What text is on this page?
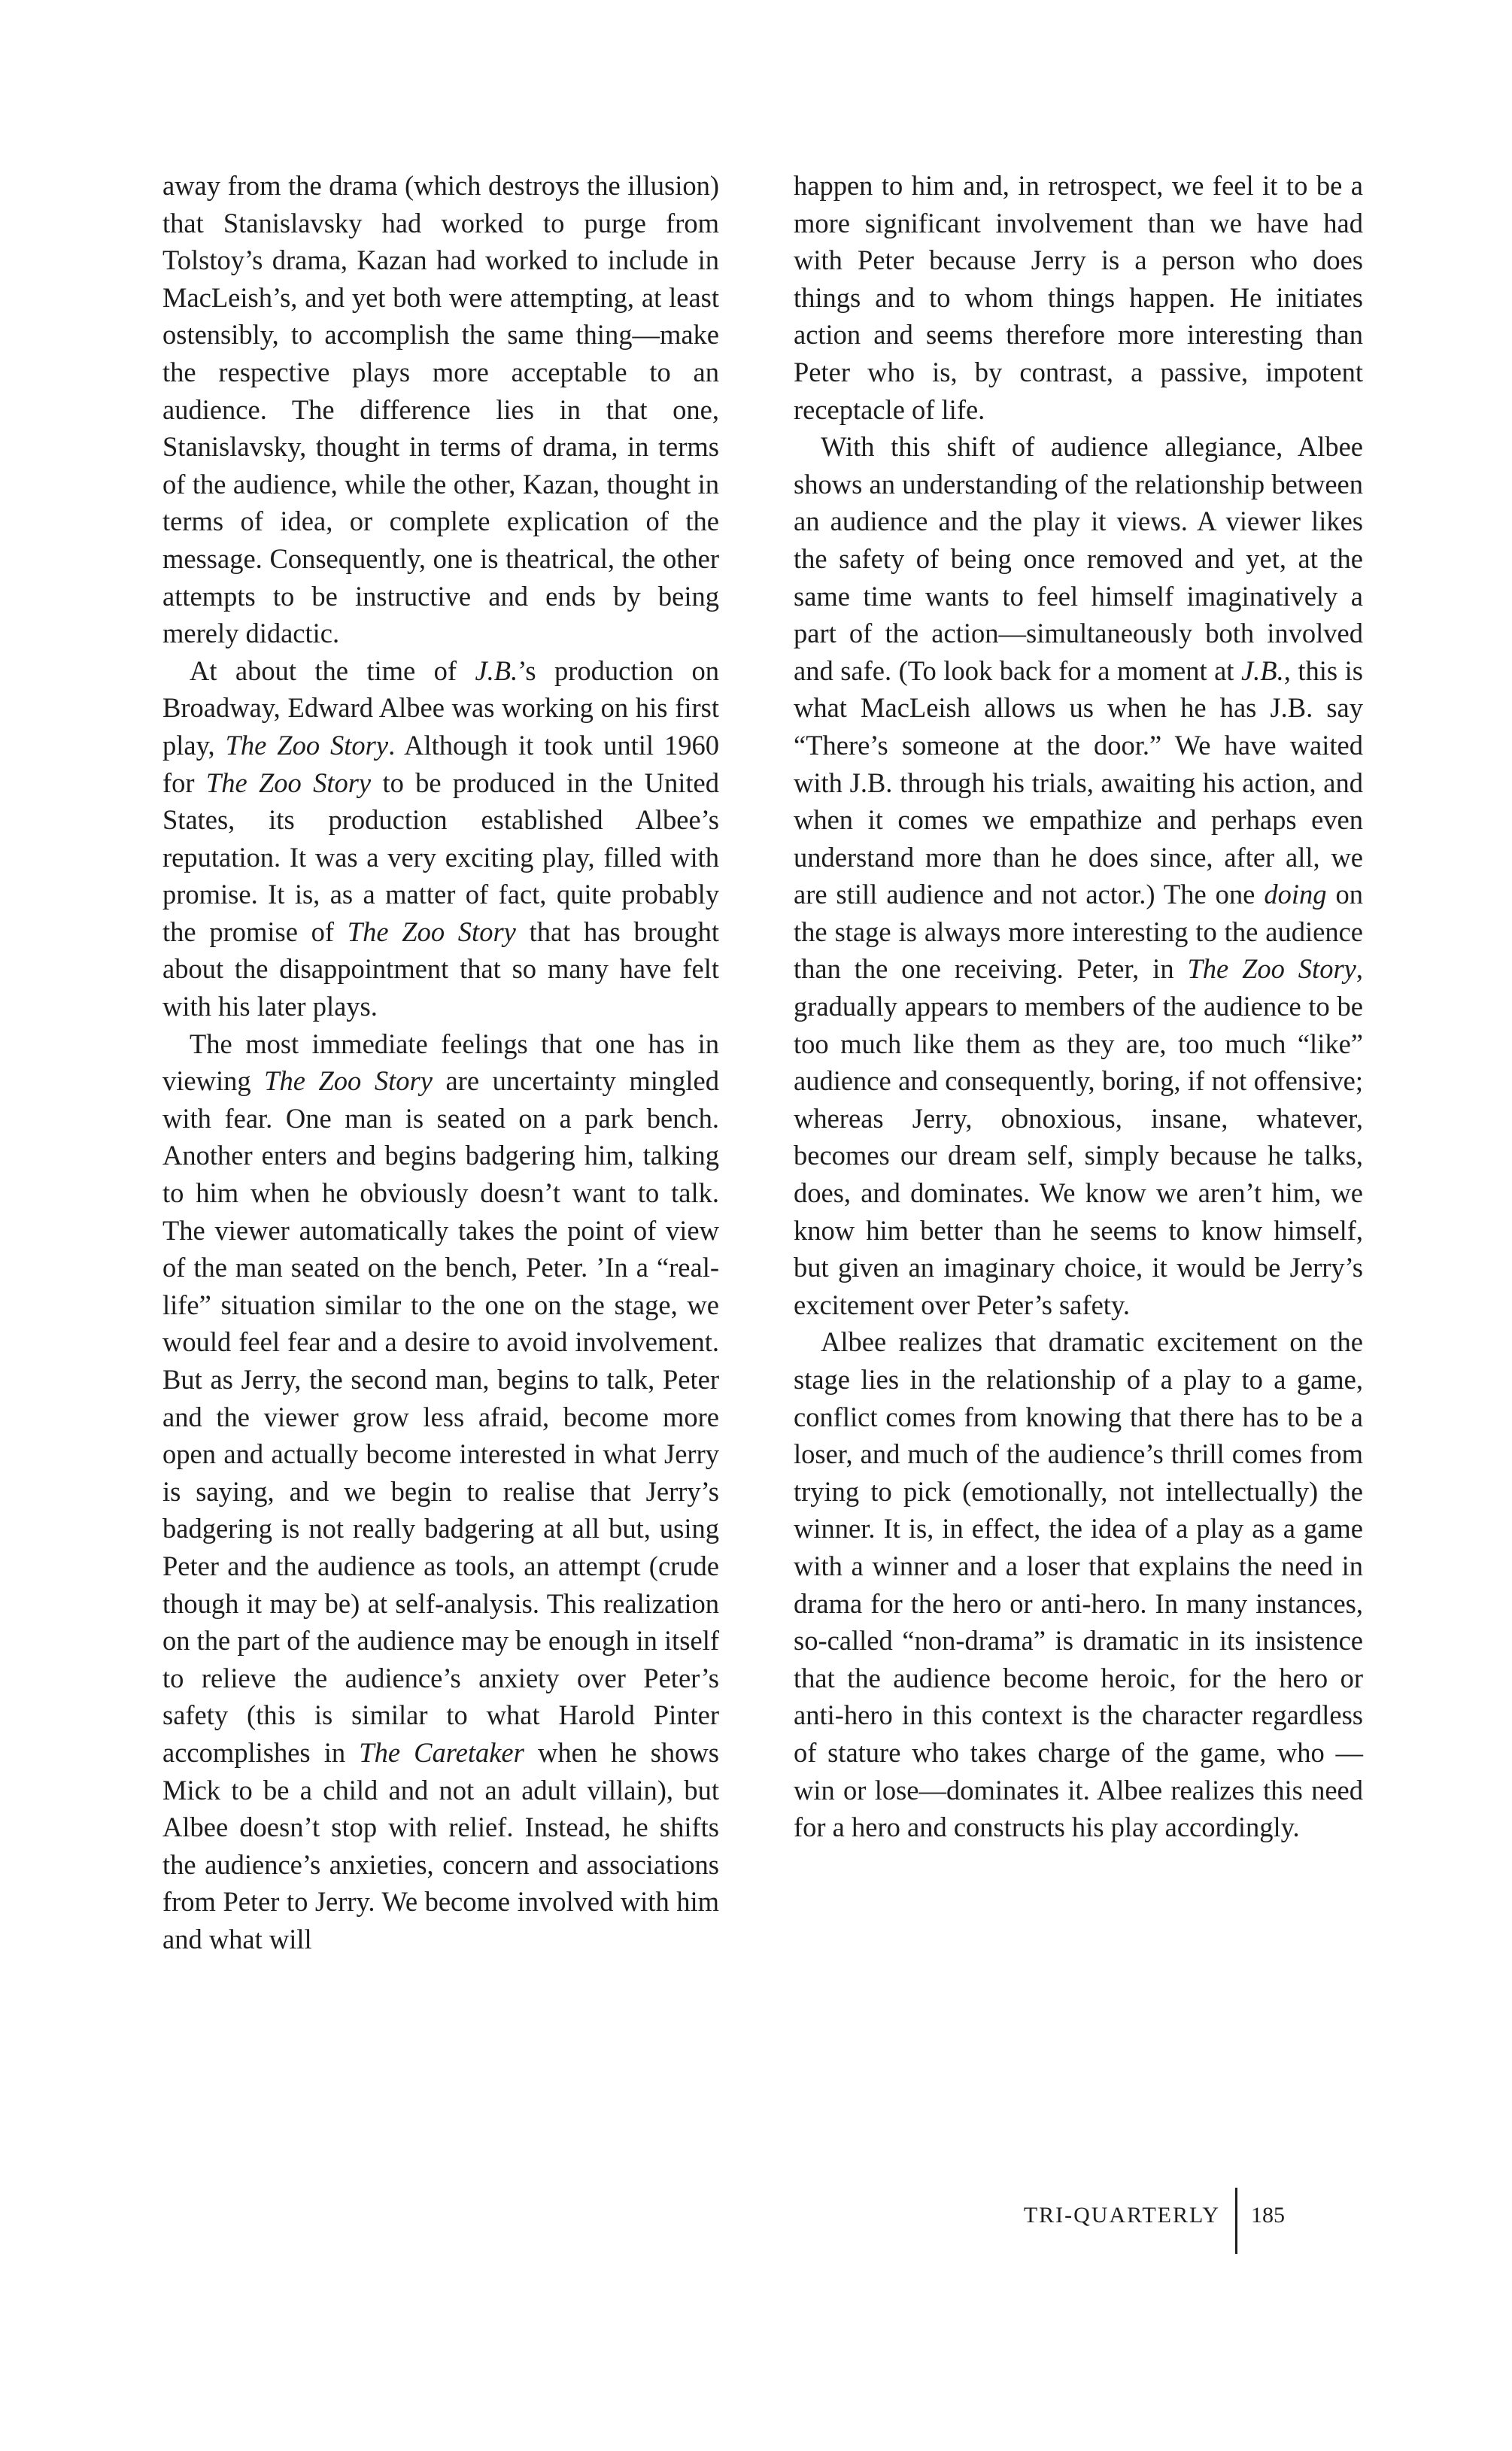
away from the drama (which destroys the illusion) that Stanislavsky had worked to purge from Tolstoy’s drama, Kazan had worked to include in MacLeish’s, and yet both were attempting, at least ostensibly, to accomplish the same thing—make the respective plays more acceptable to an audience. The difference lies in that one, Stanislavsky, thought in terms of drama, in terms of the audience, while the other, Kazan, thought in terms of idea, or complete explication of the message. Consequently, one is theatrical, the other attempts to be instructive and ends by being merely didactic.

At about the time of J.B.’s production on Broadway, Edward Albee was working on his first play, The Zoo Story. Although it took until 1960 for The Zoo Story to be produced in the United States, its production established Albee’s reputation. It was a very exciting play, filled with promise. It is, as a matter of fact, quite probably the promise of The Zoo Story that has brought about the disappointment that so many have felt with his later plays.

The most immediate feelings that one has in viewing The Zoo Story are uncertainty mingled with fear. One man is seated on a park bench. Another enters and begins badgering him, talking to him when he obviously doesn’t want to talk. The viewer automatically takes the point of view of the man seated on the bench, Peter. ’In a “real-life” situation similar to the one on the stage, we would feel fear and a desire to avoid involvement. But as Jerry, the second man, begins to talk, Peter and the viewer grow less afraid, become more open and actually become interested in what Jerry is saying, and we begin to realise that Jerry’s badgering is not really badgering at all but, using Peter and the audience as tools, an attempt (crude though it may be) at self-analysis. This realization on the part of the audience may be enough in itself to relieve the audience’s anxiety over Peter’s safety (this is similar to what Harold Pinter accomplishes in The Caretaker when he shows Mick to be a child and not an adult villain), but Albee doesn’t stop with relief. Instead, he shifts the audience’s anxieties, concern and associations from Peter to Jerry. We become involved with him and what will

happen to him and, in retrospect, we feel it to be a more significant involvement than we have had with Peter because Jerry is a person who does things and to whom things happen. He initiates action and seems therefore more interesting than Peter who is, by contrast, a passive, impotent receptacle of life.

With this shift of audience allegiance, Albee shows an understanding of the relationship between an audience and the play it views. A viewer likes the safety of being once removed and yet, at the same time wants to feel himself imaginatively a part of the action—simultaneously both involved and safe. (To look back for a moment at J.B., this is what MacLeish allows us when he has J.B. say “There’s someone at the door.” We have waited with J.B. through his trials, awaiting his action, and when it comes we empathize and perhaps even understand more than he does since, after all, we are still audience and not actor.) The one doing on the stage is always more interesting to the audience than the one receiving. Peter, in The Zoo Story, gradually appears to members of the audience to be too much like them as they are, too much “like” audience and consequently, boring, if not offensive; whereas Jerry, obnoxious, insane, whatever, becomes our dream self, simply because he talks, does, and dominates. We know we aren’t him, we know him better than he seems to know himself, but given an imaginary choice, it would be Jerry’s excitement over Peter’s safety.

Albee realizes that dramatic excitement on the stage lies in the relationship of a play to a game, conflict comes from knowing that there has to be a loser, and much of the audience’s thrill comes from trying to pick (emotionally, not intellectually) the winner. It is, in effect, the idea of a play as a game with a winner and a loser that explains the need in drama for the hero or anti-hero. In many instances, so-called “non-drama” is dramatic in its insistence that the audience become heroic, for the hero or anti-hero in this context is the character regardless of stature who takes charge of the game, who —win or lose—dominates it. Albee realizes this need for a hero and constructs his play accordingly.

TRI-QUARTERLY 185
